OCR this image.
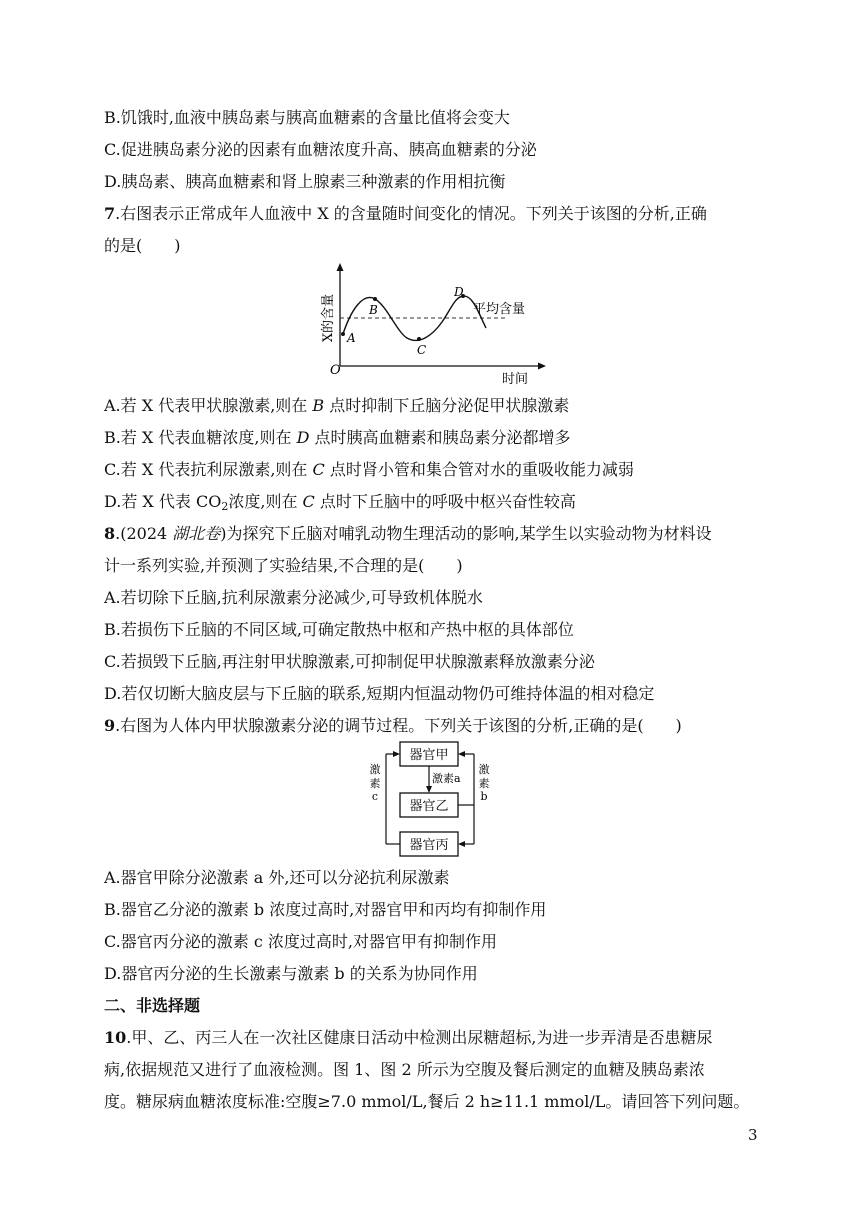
B.饥饿时,血液中胰岛素与胰高血糖素的含量比值将会变大
C.促进胰岛素分泌的因素有血糖浓度升高、胰高血糖素的分泌
D.胰岛素、胰高血糖素和肾上腺素三种激素的作用相抗衡
7.右图表示正常成年人血液中 X 的含量随时间变化的情况。下列关于该图的分析,正确
的是(　　)
X的含量
O
时间
A
B
C
D
平均含量
A.若 X 代表甲状腺激素,则在 B 点时抑制下丘脑分泌促甲状腺激素
B.若 X 代表血糖浓度,则在 D 点时胰高血糖素和胰岛素分泌都增多
C.若 X 代表抗利尿激素,则在 C 点时肾小管和集合管对水的重吸收能力减弱
D.若 X 代表 $CO_2$浓度,则在 C 点时下丘脑中的呼吸中枢兴奋性较高
8.(2024 湖北卷)为探究下丘脑对哺乳动物生理活动的影响,某学生以实验动物为材料设
计一系列实验,并预测了实验结果,不合理的是(　　)
A.若切除下丘脑,抗利尿激素分泌减少,可导致机体脱水
B.若损伤下丘脑的不同区域,可确定散热中枢和产热中枢的具体部位
C.若损毁下丘脑,再注射甲状腺激素,可抑制促甲状腺激素释放激素分泌
D.若仅切断大脑皮层与下丘脑的联系,短期内恒温动物仍可维持体温的相对稳定
9.右图为人体内甲状腺激素分泌的调节过程。下列关于该图的分析,正确的是(　　)
器官甲
器官乙
器官丙
激素a
激
素
b
激
素
c
A.器官甲除分泌激素 a 外,还可以分泌抗利尿激素
B.器官乙分泌的激素 b 浓度过高时,对器官甲和丙均有抑制作用
C.器官丙分泌的激素 c 浓度过高时,对器官甲有抑制作用
D.器官丙分泌的生长激素与激素 b 的关系为协同作用
二、非选择题
10.甲、乙、丙三人在一次社区健康日活动中检测出尿糖超标,为进一步弄清是否患糖尿
病,依据规范又进行了血液检测。图 1、图 2 所示为空腹及餐后测定的血糖及胰岛素浓
度。糖尿病血糖浓度标准:空腹≥7.0 mmol/L,餐后 2 h≥11.1 mmol/L。请回答下列问题。
3
